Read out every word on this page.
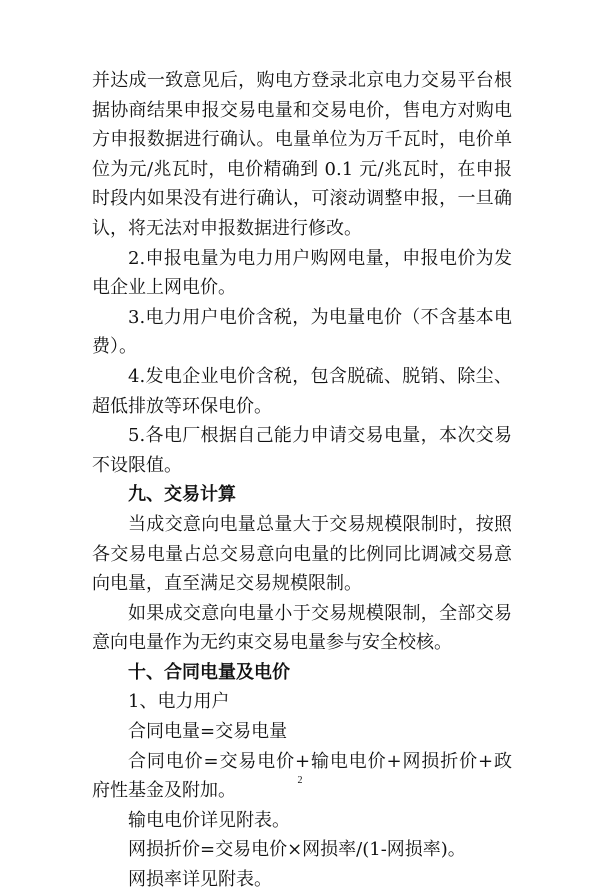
并达成一致意见后，购电方登录北京电力交易平台根据协商结果申报交易电量和交易电价，售电方对购电方申报数据进行确认。电量单位为万千瓦时，电价单位为元/兆瓦时，电价精确到 0.1 元/兆瓦时，在申报时段内如果没有进行确认，可滚动调整申报，一旦确认，将无法对申报数据进行修改。

2.申报电量为电力用户购网电量，申报电价为发电企业上网电价。

3.电力用户电价含税，为电量电价（不含基本电费）。

4.发电企业电价含税，包含脱硫、脱销、除尘、超低排放等环保电价。

5.各电厂根据自己能力申请交易电量，本次交易不设限值。

九、交易计算

当成交意向电量总量大于交易规模限制时，按照各交易电量占总交易意向电量的比例同比调减交易意向电量，直至满足交易规模限制。

如果成交意向电量小于交易规模限制，全部交易意向电量作为无约束交易电量参与安全校核。

十、合同电量及电价

1、电力用户

合同电量=交易电量

合同电价=交易电价+输电电价+网损折价+政府性基金及附加。

输电电价详见附表。

网损折价=交易电价×网损率/(1-网损率)。

网损率详见附表。

2
